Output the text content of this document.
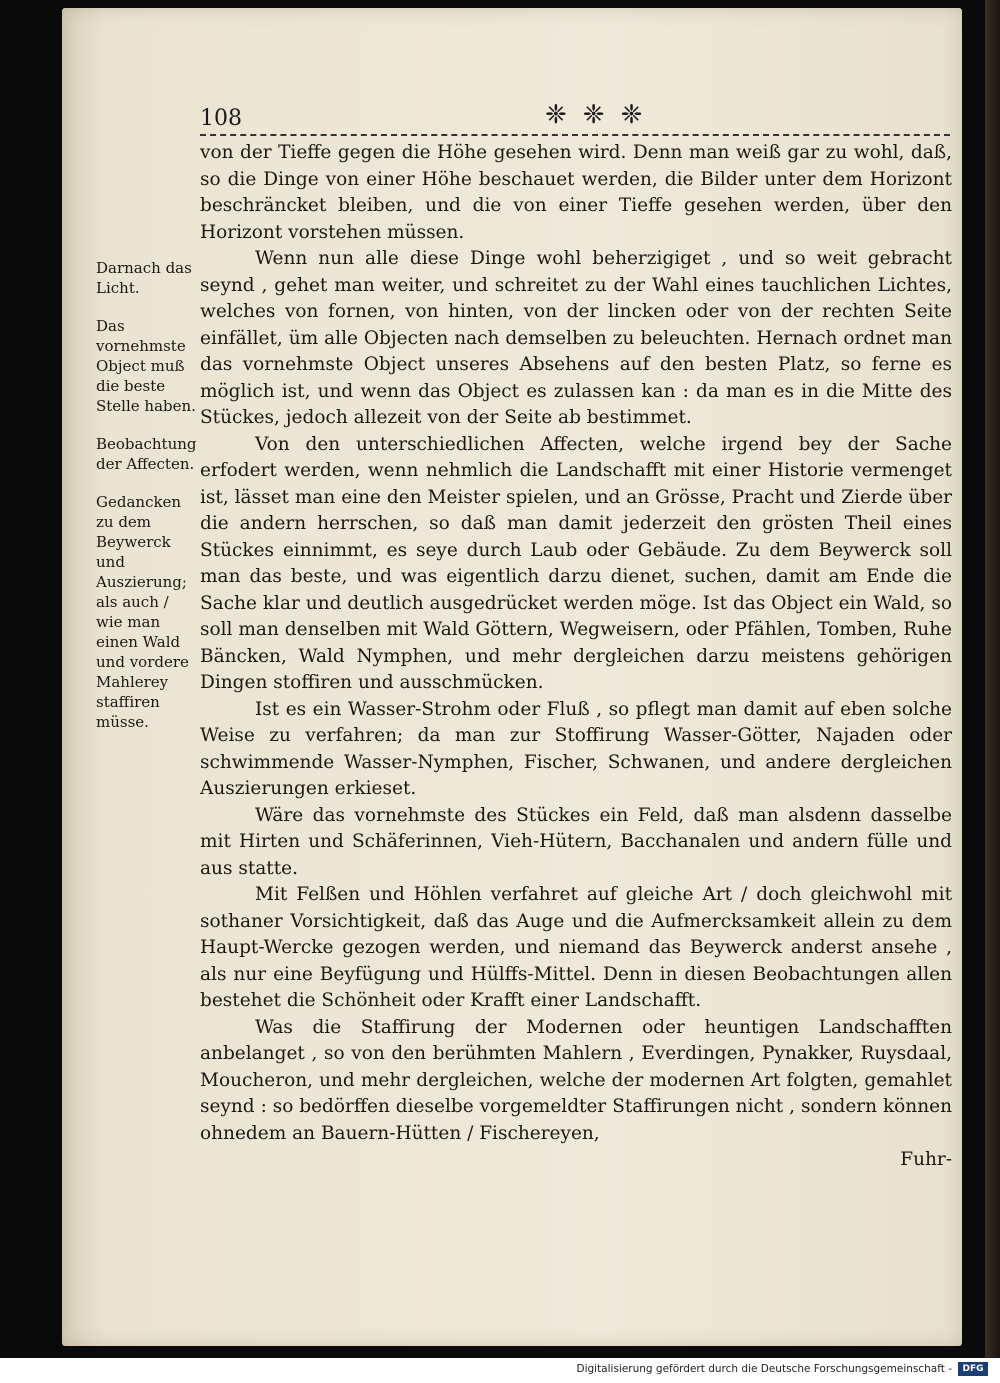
108	❈❈❈
Darnach das Licht.
Das vornehmste Object muß die beste Stelle haben.
Beobachtung der Affecten.
Gedancken zu dem Beywerck und Auszierung; als auch / wie man einen Wald und vordere Mahlerey staffiren müsse.

von der Tieffe gegen die Höhe gesehen wird. Denn man weiß gar zu wohl, daß, so die Dinge von einer Höhe beschauet werden, die Bilder unter dem Horizont beschräncket bleiben, und die von einer Tieffe gesehen werden, über den Horizont vorstehen müssen.

Wenn nun alle diese Dinge wohl beherzigiget , und so weit gebracht seynd , gehet man weiter, und schreitet zu der Wahl eines tauchlichen Lichtes, welches von fornen, von hinten, von der lincken oder von der rechten Seite einfället, üm alle Objecten nach demselben zu beleuchten. Hernach ordnet man das vornehmste Object unseres Absehens auf den besten Platz, so ferne es möglich ist, und wenn das Object es zulassen kan : da man es in die Mitte des Stückes, jedoch allezeit von der Seite ab bestimmet.

Von den unterschiedlichen Affecten, welche irgend bey der Sache erfodert werden, wenn nehmlich die Landschafft mit einer Historie vermenget ist, lässet man eine den Meister spielen, und an Grösse, Pracht und Zierde über die andern herrschen, so daß man damit jederzeit den grösten Theil eines Stückes einnimmt, es seye durch Laub oder Gebäude. Zu dem Beywerck soll man das beste, und was eigentlich darzu dienet, suchen, damit am Ende die Sache klar und deutlich ausgedrücket werden möge. Ist das Object ein Wald, so soll man denselben mit Wald Göttern, Wegweisern, oder Pfählen, Tomben, Ruhe Bäncken, Wald Nymphen, und mehr dergleichen darzu meistens gehörigen Dingen stoffiren und ausschmücken.

Ist es ein Wasser-Strohm oder Fluß , so pflegt man damit auf eben solche Weise zu verfahren; da man zur Stoffirung Wasser-Götter, Najaden oder schwimmende Wasser-Nymphen, Fischer, Schwanen, und andere dergleichen Auszierungen erkieset.

Wäre das vornehmste des Stückes ein Feld, daß man alsdenn dasselbe mit Hirten und Schäferinnen, Vieh-Hütern, Bacchanalen und andern fülle und aus statte.

Mit Felßen und Höhlen verfahret auf gleiche Art / doch gleichwohl mit sothaner Vorsichtigkeit, daß das Auge und die Aufmercksamkeit allein zu dem Haupt-Wercke gezogen werden, und niemand das Beywerck anderst ansehe , als nur eine Beyfügung und Hülffs-Mittel. Denn in diesen Beobachtungen allen bestehet die Schönheit oder Krafft einer Landschafft.

Was die Staffirung der Modernen oder heuntigen Landschafften anbelanget , so von den berühmten Mahlern , Everdingen, Pynakker, Ruysdaal, Moucheron, und mehr dergleichen, welche der modernen Art folgten, gemahlet seynd : so bedörffen dieselbe vorgemeldter Staffirungen nicht , sondern können ohnedem an Bauern-Hütten / Fischereyen,

Fuhr-

Digitalisierung gefördert durch die Deutsche Forschungsgemeinschaft -	DFG
